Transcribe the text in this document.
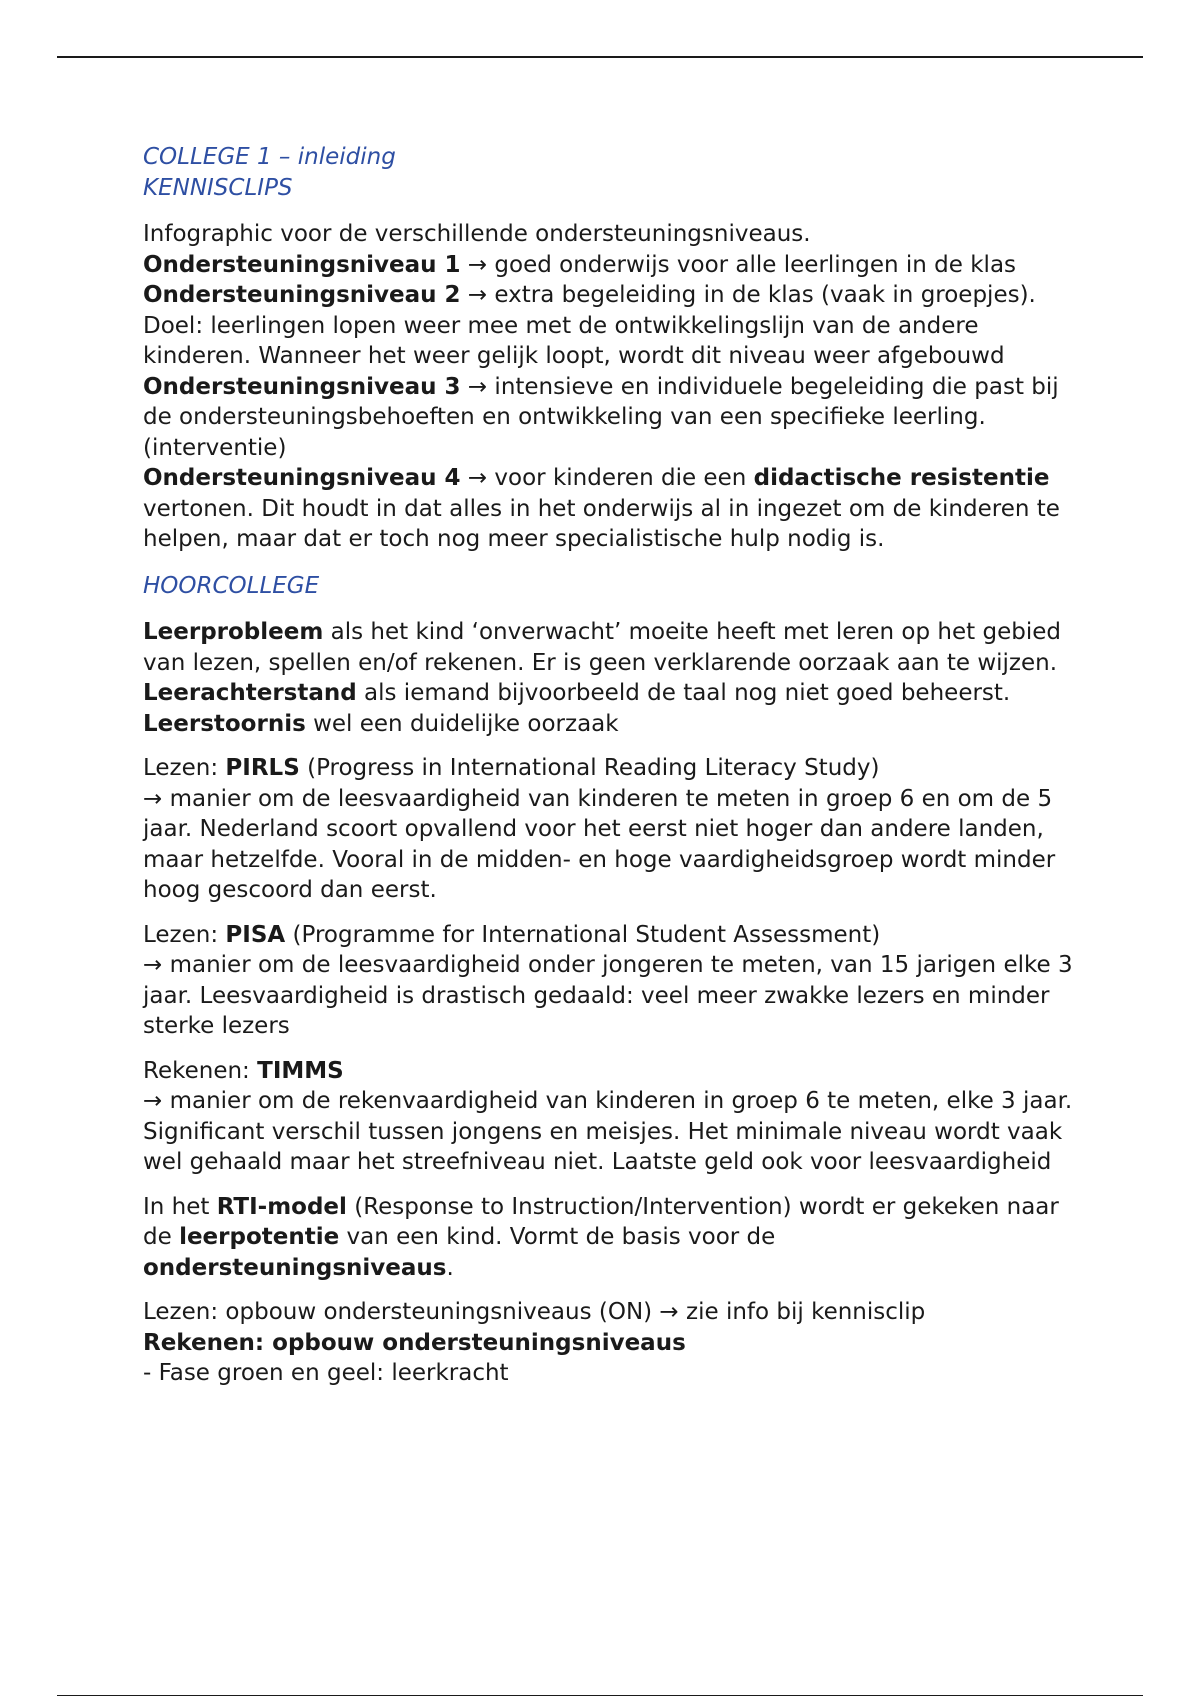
COLLEGE 1 – inleiding
KENNISCLIPS

Infographic voor de verschillende ondersteuningsniveaus.

Ondersteuningsniveau 1 → goed onderwijs voor alle leerlingen in de klas

Ondersteuningsniveau 2 → extra begeleiding in de klas (vaak in groepjes). Doel: leerlingen lopen weer mee met de ontwikkelingslijn van de andere kinderen. Wanneer het weer gelijk loopt, wordt dit niveau weer afgebouwd

Ondersteuningsniveau 3 → intensieve en individuele begeleiding die past bij de ondersteuningsbehoeften en ontwikkeling van een specifieke leerling.(interventie)

Ondersteuningsniveau 4 → voor kinderen die een didactische resistentie vertonen. Dit houdt in dat alles in het onderwijs al in ingezet om de kinderen te helpen, maar dat er toch nog meer specialistische hulp nodig is.

HOORCOLLEGE

Leerprobleem als het kind ‘onverwacht’ moeite heeft met leren op het gebied van lezen, spellen en/of rekenen. Er is geen verklarende oorzaak aan te wijzen.

Leerachterstand als iemand bijvoorbeeld de taal nog niet goed beheerst.

Leerstoornis wel een duidelijke oorzaak

Lezen: PIRLS (Progress in International Reading Literacy Study)

→ manier om de leesvaardigheid van kinderen te meten in groep 6 en om de 5 jaar. Nederland scoort opvallend voor het eerst niet hoger dan andere landen, maar hetzelfde. Vooral in de midden- en hoge vaardigheidsgroep wordt minder hoog gescoord dan eerst.

Lezen: PISA (Programme for International Student Assessment)

→ manier om de leesvaardigheid onder jongeren te meten, van 15 jarigen elke 3 jaar. Leesvaardigheid is drastisch gedaald: veel meer zwakke lezers en minder sterke lezers

Rekenen: TIMMS

→ manier om de rekenvaardigheid van kinderen in groep 6 te meten, elke 3 jaar. Significant verschil tussen jongens en meisjes. Het minimale niveau wordt vaak wel gehaald maar het streefniveau niet. Laatste geld ook voor leesvaardigheid

In het RTI-model (Response to Instruction/Intervention) wordt er gekeken naar de leerpotentie van een kind. Vormt de basis voor de ondersteuningsniveaus.

Lezen: opbouw ondersteuningsniveaus (ON) → zie info bij kennisclip

Rekenen: opbouw ondersteuningsniveaus

- Fase groen en geel: leerkracht
